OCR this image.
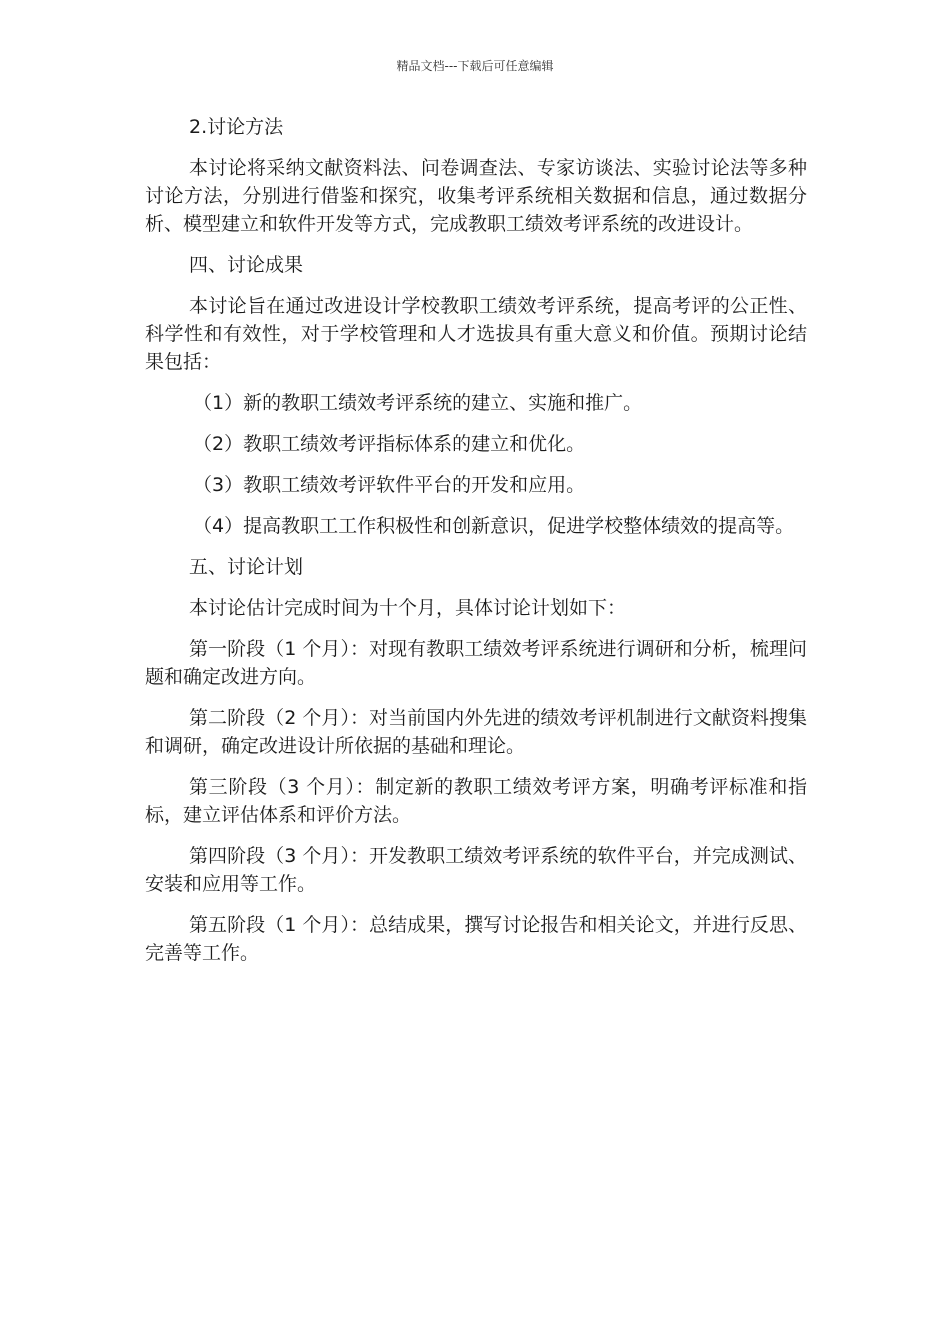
精品文档---下载后可任意编辑

2.讨论方法

本讨论将采纳文献资料法、问卷调查法、专家访谈法、实验讨论法等多种讨论方法，分别进行借鉴和探究，收集考评系统相关数据和信息，通过数据分析、模型建立和软件开发等方式，完成教职工绩效考评系统的改进设计。

四、讨论成果

本讨论旨在通过改进设计学校教职工绩效考评系统，提高考评的公正性、科学性和有效性，对于学校管理和人才选拔具有重大意义和价值。预期讨论结果包括：

（1）新的教职工绩效考评系统的建立、实施和推广。

（2）教职工绩效考评指标体系的建立和优化。

（3）教职工绩效考评软件平台的开发和应用。

（4）提高教职工工作积极性和创新意识，促进学校整体绩效的提高等。

五、讨论计划

本讨论估计完成时间为十个月，具体讨论计划如下：

第一阶段（1 个月）：对现有教职工绩效考评系统进行调研和分析，梳理问题和确定改进方向。

第二阶段（2 个月）：对当前国内外先进的绩效考评机制进行文献资料搜集和调研，确定改进设计所依据的基础和理论。

第三阶段（3 个月）：制定新的教职工绩效考评方案，明确考评标准和指标，建立评估体系和评价方法。

第四阶段（3 个月）：开发教职工绩效考评系统的软件平台，并完成测试、安装和应用等工作。

第五阶段（1 个月）：总结成果，撰写讨论报告和相关论文，并进行反思、完善等工作。
